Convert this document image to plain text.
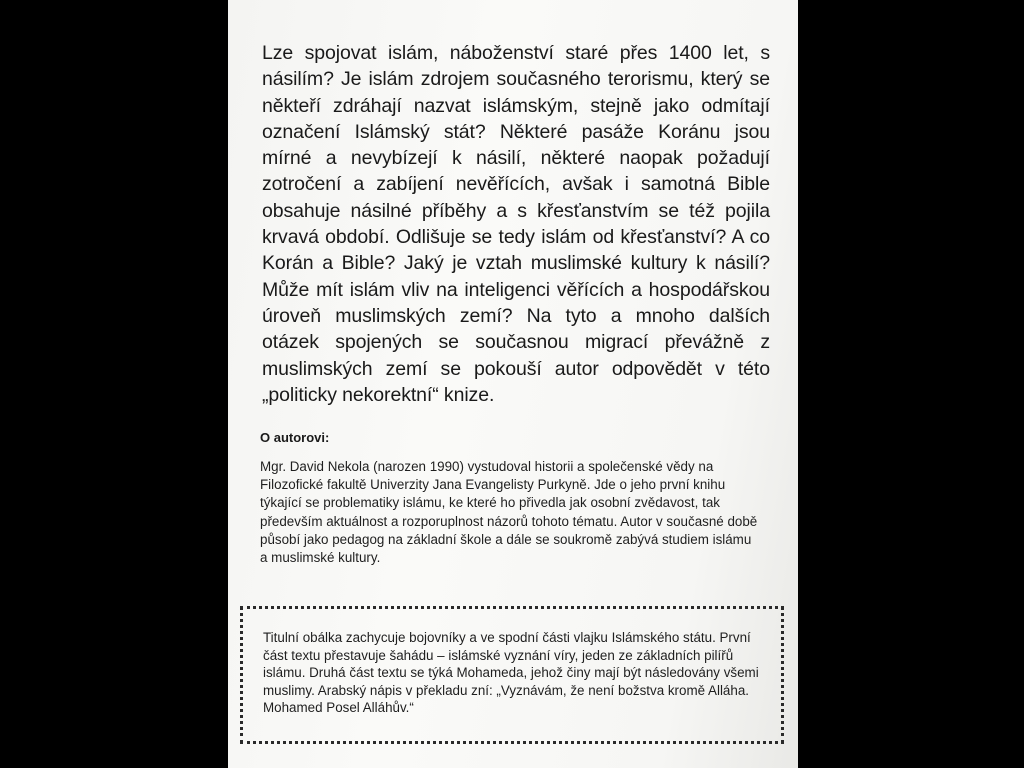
Lze spojovat islám, náboženství staré přes 1400 let, s násilím? Je islám zdrojem současného terorismu, který se někteří zdráhají nazvat islámským, stejně jako odmítají označení Islámský stát? Některé pasáže Koránu jsou mírné a nevybízejí k násilí, některé naopak požadují zotročení a zabíjení nevěřících, avšak i samotná Bible obsahuje násilné příběhy a s křesťanstvím se též pojila krvavá období. Odlišuje se tedy islám od křesťanství? A co Korán a Bible? Jaký je vztah muslimské kultury k násilí? Může mít islám vliv na inteligenci věřících a hospodářskou úroveň muslimských zemí? Na tyto a mnoho dalších otázek spojených se současnou migrací převážně z muslimských zemí se pokouší autor odpovědět v této „politicky nekorektní“ knize.

O autorovi:

Mgr. David Nekola (narozen 1990) vystudoval historii a společenské vědy na Filozofické fakultě Univerzity Jana Evangelisty Purkyně. Jde o jeho první knihu týkající se problematiky islámu, ke které ho přivedla jak osobní zvědavost, tak především aktuálnost a rozporuplnost názorů tohoto tématu. Autor v současné době působí jako pedagog na základní škole a dále se soukromě zabývá studiem islámu a muslimské kultury.

Titulní obálka zachycuje bojovníky a ve spodní části vlajku Islámského státu. První část textu přestavuje šahádu – islámské vyznání víry, jeden ze základních pilířů islámu. Druhá část textu se týká Mohameda, jehož činy mají být následovány všemi muslimy. Arabský nápis v překladu zní: „Vyznávám, že není božstva kromě Alláha. Mohamed Posel Alláhův.“
